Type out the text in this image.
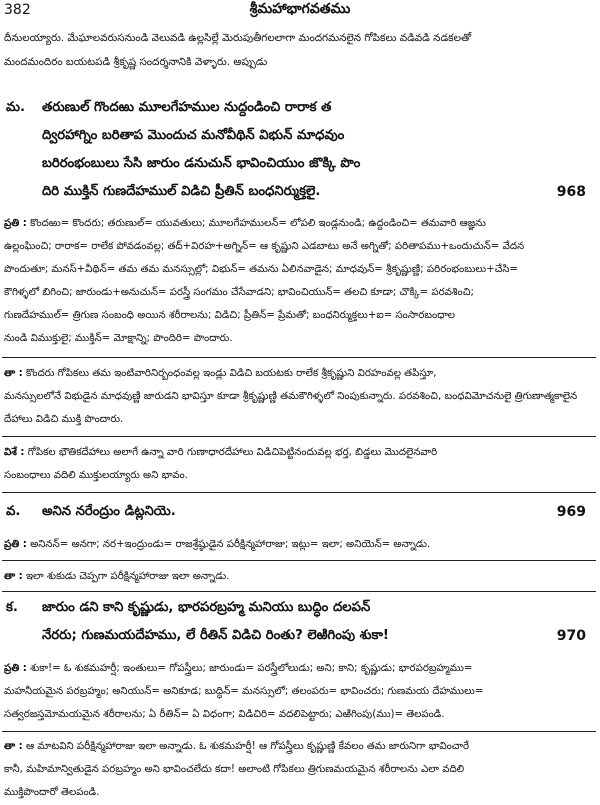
382	శ్రీమహాభాగవతము
దీనులయ్యారు. మేఘాలవరుసనుండి వెలువడి ఉల్లసిల్లే మెరుపుతీగలలాగా మందగమనలైన గోపికలు వడివడి నడకలతో
మందమందిరం బయటపడి శ్రీకృష్ణ సందర్శనానికి వెళ్ళారు. అప్పుడు
మ. తరుణుల్ గొందఱు మూలగేహముల నుద్దండించి రారాక త
ద్విరహాగ్నిం బరితాప మొందుచ మనోవీథిన్ విభున్ మాధవుం
బరిరంభంబులు సేసి జారుం డనుచున్ భావించియుం జొక్కి పొం
దిరి ముక్తిన్ గుణదేహముల్ విడిచి ప్రీతిన్ బంధనిర్ముక్తలై.	968
ప్రతి : కొందఱు= కొందరు; తరుణుల్= యువతులు; మూలగేహములన్= లోపలి ఇండ్లనుండి; ఉద్దండించి= తమవారి ఆజ్ఞను
ఉల్లంఘించి; రారాక= రాలేక పోవడంవల్ల; తద్+విరహ+అగ్నిన్= ఆ కృష్ణుని ఎడబాటు అనే అగ్నితో; పరితాపము+ఒందుచున్= వేదన
పొందుతూ; మనస్+వీథిన్= తమ తమ మనస్సుల్లో; విభున్= తమను ఏలినవాడైన; మాధవున్= శ్రీకృష్ణుణ్ణి; పరిరంభంబులు+చేసి=
కౌగిళ్ళలో బిగించి; జారుండు+అనుచున్= పరస్త్రీ సంగమం చేసేవాడని; భావించియున్= తలచి కూడా; చొక్కి= పరవశించి;
గుణదేహముల్= త్రిగుణ సంబంధి అయిన శరీరాలను; విడిచి; ప్రీతిన్= ప్రేమతో; బంధనిర్ముక్తలు+ఐ= సంసారబంధాల
నుండి విముక్తులై; ముక్తిన్= మోక్షాన్ని; పొందిరి= పొందారు.
తా : కొందరు గోపికలు తమ ఇంటివారినిర్బంధంవల్ల ఇండ్లు విడిచి బయటకు రాలేక శ్రీకృష్ణుని విరహంవల్ల తపిస్తూ,
మనస్సులలోనే విభుడైన మాధవుణ్ణి జారుడని భావిస్తూ కూడా శ్రీకృష్ణుణ్ణి తమకౌగిళ్ళలో నింపుకున్నారు. పరవశించి, బంధవిమోచనులై త్రిగుణాత్మకాలైన
దేహాలు విడిచి ముక్తి పొందారు.
విశే : గోపికల భౌతికదేహాలు అలాగే ఉన్నా వారి గుణాధారదేహాలు విడిచిపెట్టినందువల్ల భర్త, బిడ్డలు మొదలైనవారి
సంబంధాలు వదిలి ముక్తులయ్యారు అని భావం.
వ. అనిన నరేంద్రుం డిట్లనియె.	969
ప్రతి : అనినన్= అనగా; నర+ఇంద్రుండు= రాజశ్రేష్ఠుడైన పరీక్షిన్మహారాజు; ఇట్లు= ఇలా; అనియెన్= అన్నాడు.
తా : ఇలా శుకుడు చెప్పగా పరీక్షిన్మహారాజు ఇలా అన్నాడు.
క. జారుం డని కాని కృష్ణుడు, భారపరబ్రహ్మ మనియు బుద్ధిం దలపన్
నేరరు; గుణమయదేహము, లే రీతిన్ విడిచి రింతు? లెఱిగింపు శుకా!	970
ప్రతి : శుకా!= ఓ శుకమహర్షీ; ఇంతులు= గోపస్త్రీలు; జారుండు= పరస్త్రీలోలుడు; అని; కాని; కృష్ణుడు; భారపరబ్రహ్మము=
మహనీయమైన పరబ్రహ్మం; అనియున్= అనికూడ; బుద్ధిన్= మనస్సులో; తలంపరు= భావించరు; గుణమయ దేహములు=
సత్వరజస్తమోమయమైన శరీరాలను; ఏ రీతిన్= ఏ విధంగా; విడిచిరి= వదలిపెట్టారు; ఎఱిగింపు(ము)= తెలపండి.
తా : ఆ మాటవిని పరీక్షిన్మహారాజు ఇలా అన్నాడు. ఓ శుకమహర్షీ! ఆ గోపస్త్రీలు కృష్ణుణ్ణి కేవలం తమ జారునిగా భావించారే
కానీ, మహిమాన్వితుడైన పరబ్రహ్మం అని భావించలేదు కదా! అలాంటి గోపికలు త్రిగుణమయమైన శరీరాలను ఎలా వదిలి
ముక్తిపొందారో తెలపండి.
